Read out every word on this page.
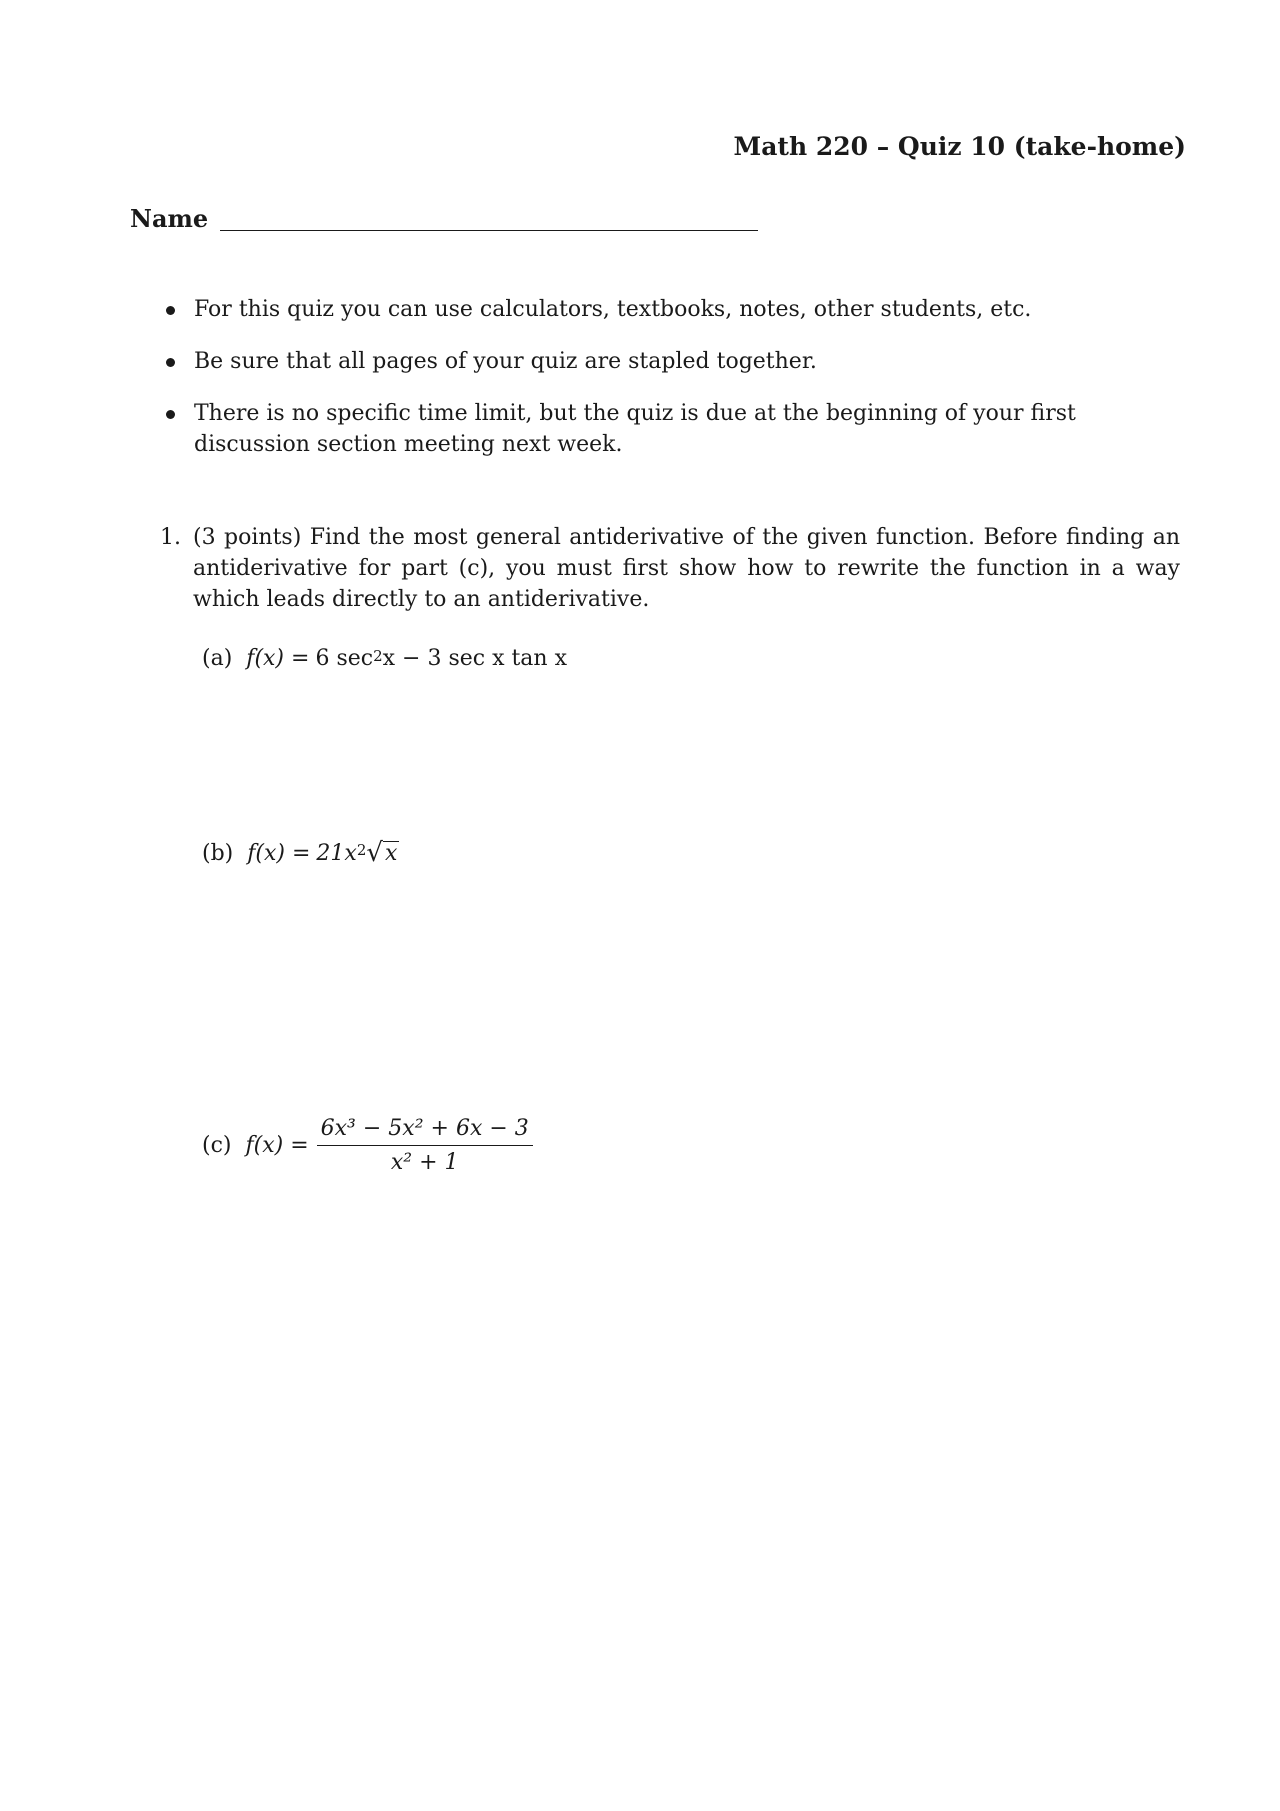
Math 220 – Quiz 10 (take-home)
Name
For this quiz you can use calculators, textbooks, notes, other students, etc.
Be sure that all pages of your quiz are stapled together.
There is no specific time limit, but the quiz is due at the beginning of your first discussion section meeting next week.
1. (3 points) Find the most general antiderivative of the given function. Before finding an antiderivative for part (c), you must first show how to rewrite the function in a way which leads directly to an antiderivative.
(a) f(x) = 6 $\sec^2 x - 3$ sec x tan x
(b) $f(x) = 21x^2$ √ x
(c) $f(x) = \frac{\text{6x³ − 5x² + 6x − 3}}{\text{x² + 1}}$
